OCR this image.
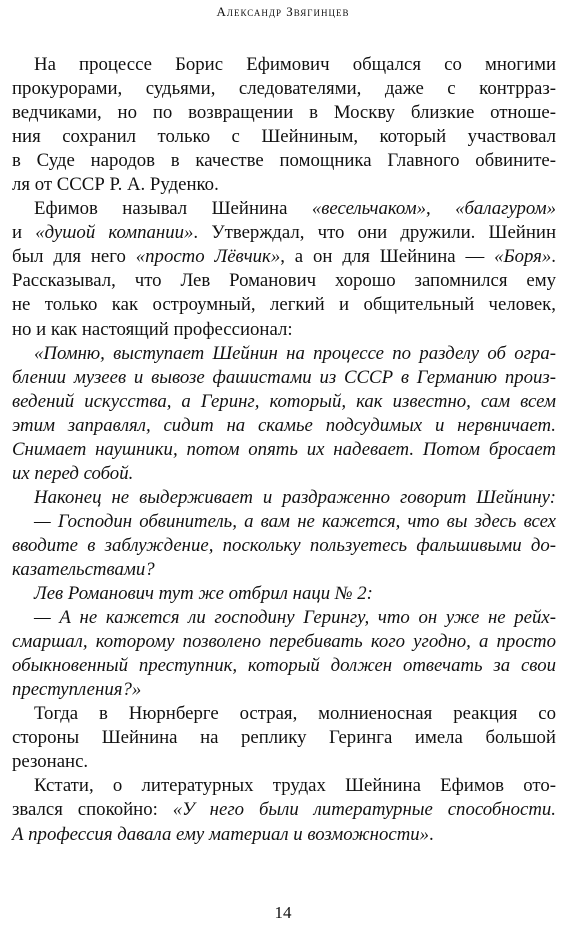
Александр Звягинцев
На процессе Борис Ефимович общался со многими
прокурорами, судьями, следователями, даже с контрраз-
ведчиками, но по возвращении в Москву близкие отноше-
ния сохранил только с Шейниным, который участвовал
в Суде народов в качестве помощника Главного обвините-
ля от СССР Р. А. Руденко.
Ефимов называл Шейнина «весельчаком», «балагуром»
и «душой компании». Утверждал, что они дружили. Шейнин
был для него «просто Лёвчик», а он для Шейнина — «Боря».
Рассказывал, что Лев Романович хорошо запомнился ему
не только как остроумный, легкий и общительный человек,
но и как настоящий профессионал:
«Помню, выступает Шейнин на процессе по разделу об огра-
блении музеев и вывозе фашистами из СССР в Германию произ-
ведений искусства, а Геринг, который, как известно, сам всем
этим заправлял, сидит на скамье подсудимых и нервничает.
Снимает наушники, потом опять их надевает. Потом бросает
их перед собой.
Наконец не выдерживает и раздраженно говорит Шейнину:
— Господин обвинитель, а вам не кажется, что вы здесь всех
вводите в заблуждение, поскольку пользуетесь фальшивыми до-
казательствами?
Лев Романович тут же отбрил наци № 2:
— А не кажется ли господину Герингу, что он уже не рейх-
смаршал, которому позволено перебивать кого угодно, а просто
обыкновенный преступник, который должен отвечать за свои
преступления?»
Тогда в Нюрнберге острая, молниеносная реакция со
стороны Шейнина на реплику Геринга имела большой
резонанс.
Кстати, о литературных трудах Шейнина Ефимов ото-
звался спокойно: «У него были литературные способности.
А профессия давала ему материал и возможности».
14
